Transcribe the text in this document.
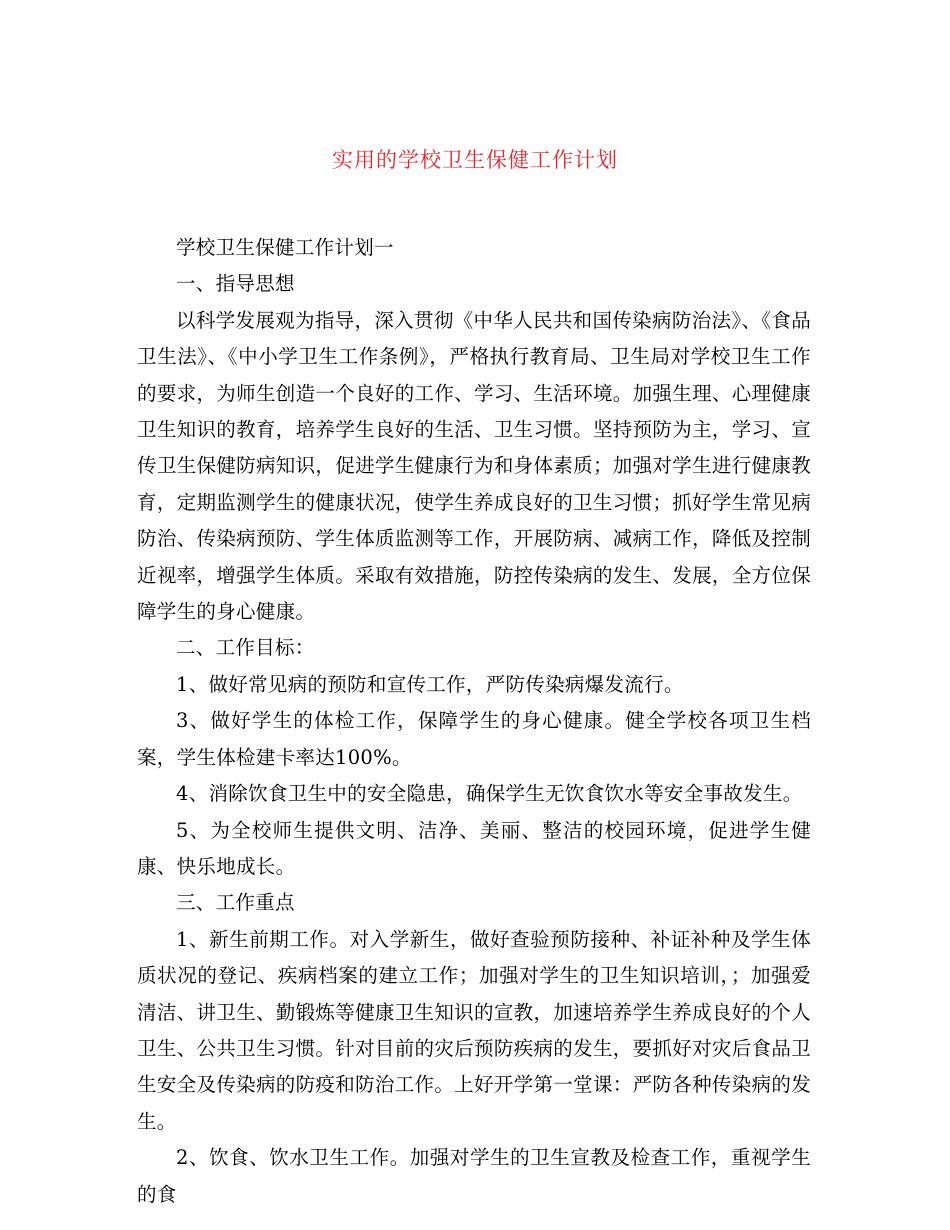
实用的学校卫生保健工作计划

学校卫生保健工作计划一

一、指导思想

以科学发展观为指导，深入贯彻《中华人民共和国传染病防治法》、《食品卫生法》、《中小学卫生工作条例》，严格执行教育局、卫生局对学校卫生工作的要求，为师生创造一个良好的工作、学习、生活环境。加强生理、心理健康卫生知识的教育，培养学生良好的生活、卫生习惯。坚持预防为主，学习、宣传卫生保健防病知识，促进学生健康行为和身体素质；加强对学生进行健康教育，定期监测学生的健康状况，使学生养成良好的卫生习惯；抓好学生常见病防治、传染病预防、学生体质监测等工作，开展防病、减病工作，降低及控制近视率，增强学生体质。采取有效措施，防控传染病的发生、发展，全方位保障学生的身心健康。

二、工作目标：

1、做好常见病的预防和宣传工作，严防传染病爆发流行。

3、做好学生的体检工作，保障学生的身心健康。健全学校各项卫生档案，学生体检建卡率达100%。

4、消除饮食卫生中的安全隐患，确保学生无饮食饮水等安全事故发生。

5、为全校师生提供文明、洁净、美丽、整洁的校园环境，促进学生健康、快乐地成长。

三、工作重点

1、新生前期工作。对入学新生，做好查验预防接种、补证补种及学生体质状况的登记、疾病档案的建立工作；加强对学生的卫生知识培训，；加强爱清洁、讲卫生、勤锻炼等健康卫生知识的宣教，加速培养学生养成良好的个人卫生、公共卫生习惯。针对目前的灾后预防疾病的发生，要抓好对灾后食品卫生安全及传染病的防疫和防治工作。上好开学第一堂课：严防各种传染病的发生。

2、饮食、饮水卫生工作。加强对学生的卫生宣教及检查工作，重视学生的食
